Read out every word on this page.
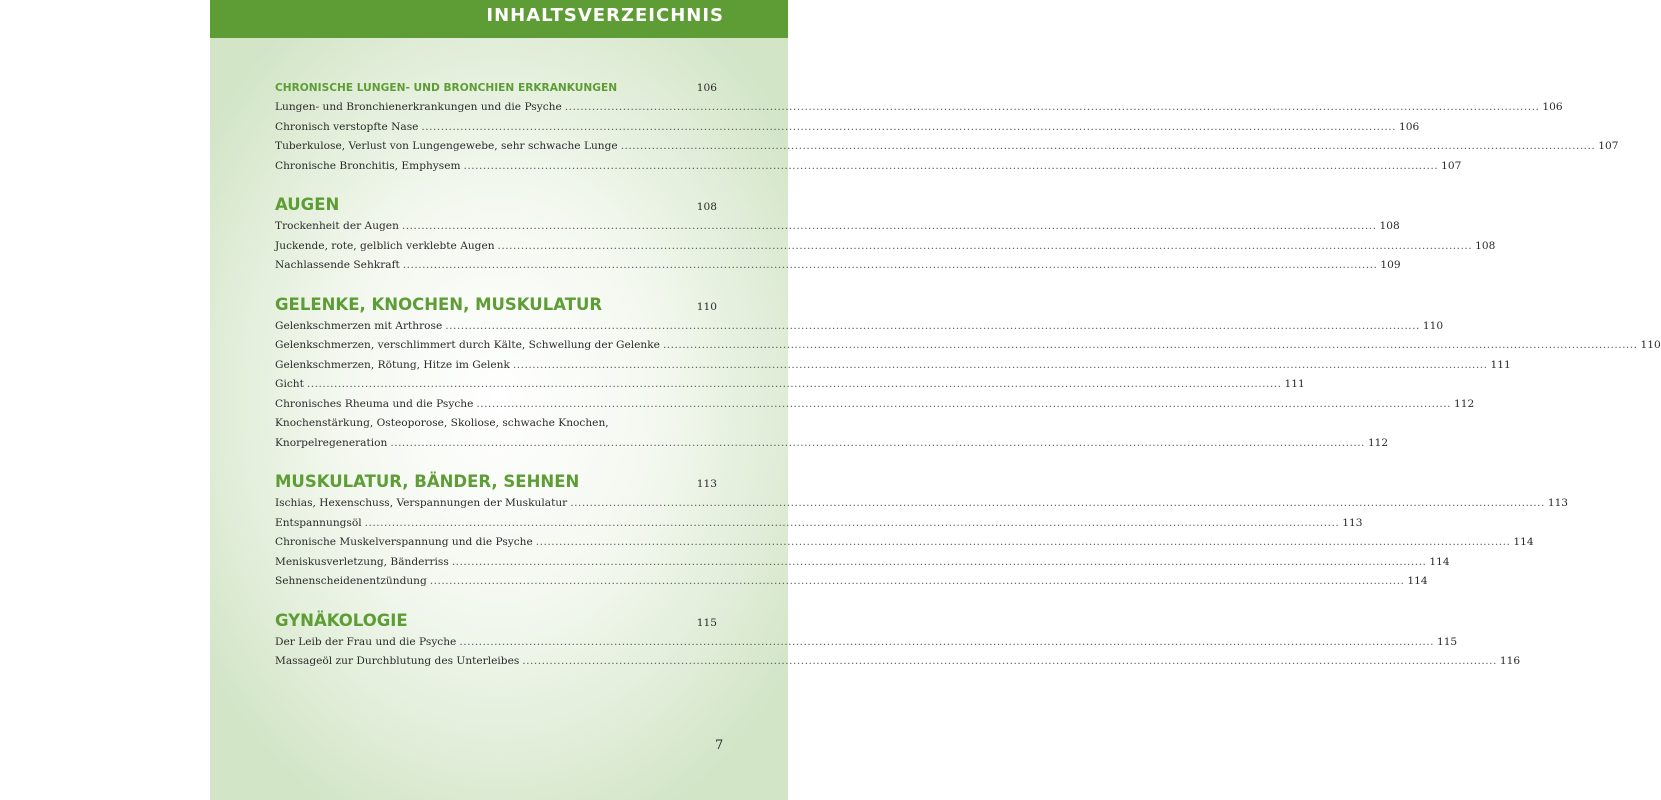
INHALTSVERZEICHNIS
CHRONISCHE LUNGEN- UND BRONCHIEN ERKRANKUNGEN	106
Lungen- und Bronchienerkrankungen und die Psyche .....	106
Chronisch verstopfte Nase .....	106
Tuberkulose, Verlust von Lungengewebe, sehr schwache Lunge .....	107
Chronische Bronchitis, Emphysem .....	107
AUGEN	108
Trockenheit der Augen .....	108
Juckende, rote, gelblich verklebte Augen .....	108
Nachlassende Sehkraft .....	109
GELENKE, KNOCHEN, MUSKULATUR	110
Gelenkschmerzen mit Arthrose .....	110
Gelenkschmerzen, verschlimmert durch Kälte, Schwellung der Gelenke .....	110
Gelenkschmerzen, Rötung, Hitze im Gelenk .....	111
Gicht .....	111
Chronisches Rheuma und die Psyche .....	112
Knochenstärkung, Osteoporose, Skoliose, schwache Knochen,
Knorpelregeneration .....	112
MUSKULATUR, BÄNDER, SEHNEN	113
Ischias, Hexenschuss, Verspannungen der Muskulatur .....	113
Entspannungsöl .....	113
Chronische Muskelverspannung und die Psyche .....	114
Meniskusverletzung, Bänderriss .....	114
Sehnenscheidenentzündung .....	114
GYNÄKOLOGIE	115
Der Leib der Frau und die Psyche .....	115
Massageöl zur Durchblutung des Unterleibes .....	116
7
